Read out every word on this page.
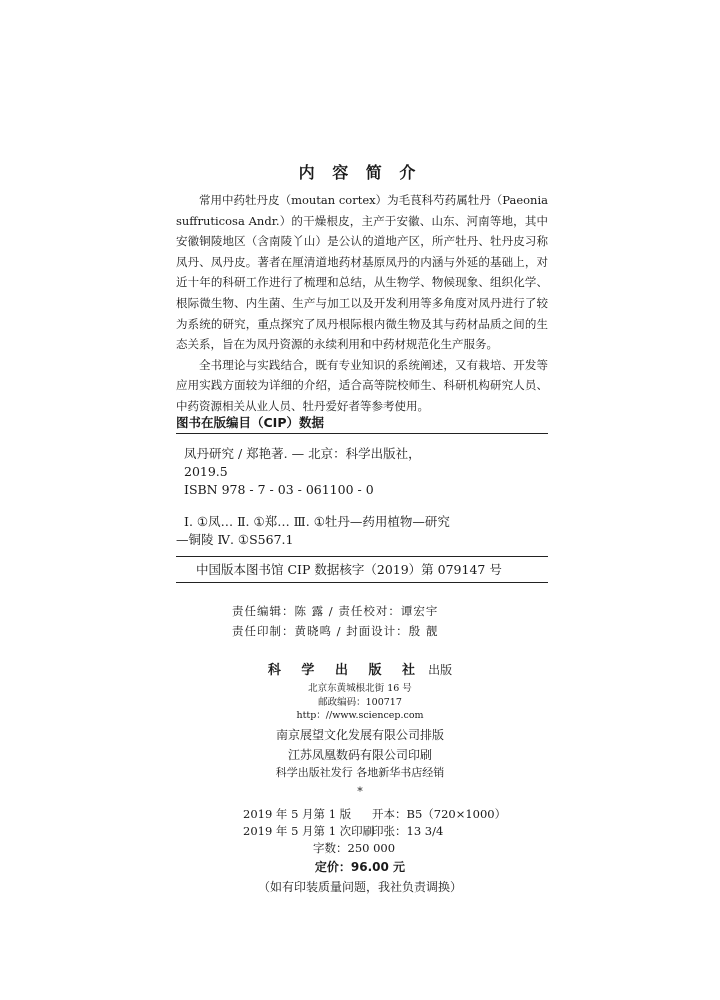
内 容 简 介

常用中药牡丹皮（moutan cortex）为毛茛科芍药属牡丹（Paeonia suffruticosa Andr.）的干燥根皮，主产于安徽、山东、河南等地，其中安徽铜陵地区（含南陵丫山）是公认的道地产区，所产牡丹、牡丹皮习称凤丹、凤丹皮。著者在厘清道地药材基原凤丹的内涵与外延的基础上，对近十年的科研工作进行了梳理和总结，从生物学、物候现象、组织化学、根际微生物、内生菌、生产与加工以及开发利用等多角度对凤丹进行了较为系统的研究，重点探究了凤丹根际根内微生物及其与药材品质之间的生态关系，旨在为凤丹资源的永续利用和中药材规范化生产服务。

全书理论与实践结合，既有专业知识的系统阐述，又有栽培、开发等应用实践方面较为详细的介绍，适合高等院校师生、科研机构研究人员、中药资源相关从业人员、牡丹爱好者等参考使用。

图书在版编目（CIP）数据
凤丹研究 / 郑艳著. — 北京：科学出版社，
2019.5
ISBN 978 - 7 - 03 - 061100 - 0
Ⅰ. ①凤… Ⅱ. ①郑… Ⅲ. ①牡丹—药用植物—研究
—铜陵 Ⅳ. ①S567.1
中国版本图书馆 CIP 数据核字（2019）第 079147 号
责任编辑：陈 露 / 责任校对：谭宏宇
责任印制：黄晓鸣 / 封面设计：殷 靓
科 学 出 版 社 出版
北京东黄城根北街 16 号
邮政编码：100717
http：//www.sciencep.com
南京展望文化发展有限公司排版
江苏凤凰数码有限公司印刷
科学出版社发行 各地新华书店经销
*
2019 年 5 月第 1 版 开本：B5（720×1000）
2019 年 5 月第 1 次印刷
印张：13 3/4
字数：250 000
定价：96.00 元
（如有印装质量问题，我社负责调换）
